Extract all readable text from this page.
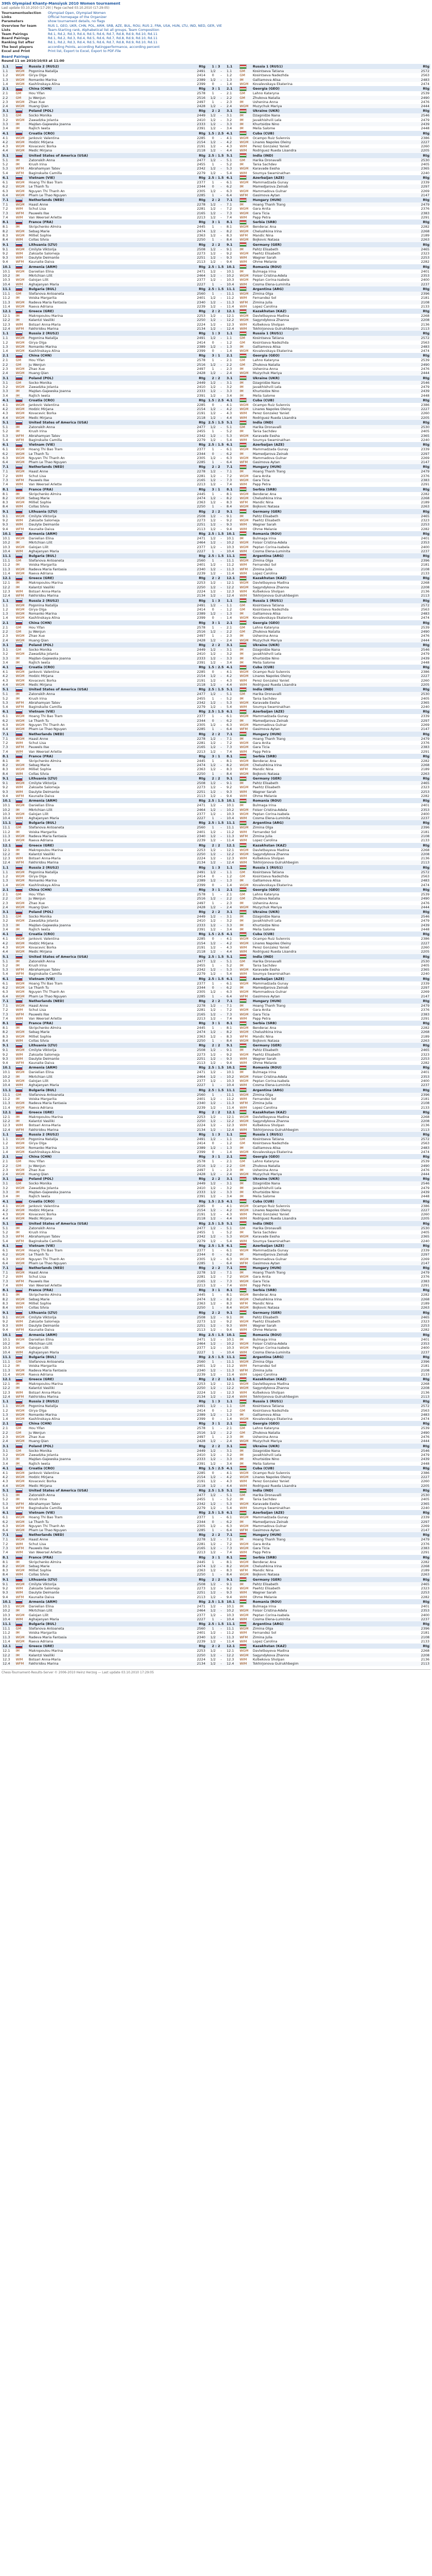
39th Olympiad Khanty-Mansiysk 2010 Women tournament
Last update 03.10.2010 (17:29) | Page cached 03.10.2010 (17:29:05)
Tournamentselection	Olympiad Open, Olympiad Women
Links	Official homepage of the Organizer
Parameters	show tournament details, no flags
Overview for team	RUS 1, GEO, UKR, CHN, POL, ARM, SRB, AZE, BUL, ROU, RUS 2, FRA, USA, HUN, LTU, IND, NED, GER, VIE
Lists	Team-Starting rank, Alphabetical list all groups, Team Composition
Team Pairings	Rd.1, Rd.2, Rd.3, Rd.4, Rd.5, Rd.6, Rd.7, Rd.8, Rd.9, Rd.10, Rd.11
Board Pairings	Rd.1, Rd.2, Rd.3, Rd.4, Rd.5, Rd.6, Rd.7, Rd.8, Rd.9, Rd.10, Rd.11
Ranking list after	Rd.1, Rd.2, Rd.3, Rd.4, Rd.5, Rd.6, Rd.7, Rd.8, Rd.9, Rd.10, Rd.11
The best players	according Points, according Ratingperformance, according percent
Excel and Print	Print list, Export to Excel, Export to PDF-File
Board Pairings
Round 11 on 2010/10/03 at 11:00
1.1		Russia 2 (RUS2)	Rtg	1 : 3		1.1		Russia 1 (RUS1)	Rtg
1.1	WGM	Pogonina Natalija	2491	1/2	-	1.1	GM	Kosintseva Tatiana	2572
1.2	WGM	Girya Olga	2414	0	-	1.2	GM	Kosintseva Nadezhda	2563
1.3	WGM	Romanko Marina	2389	1/2	-	1.3	IM	Galliamova Alisa	2483
1.4	WGM	Kashlinskaya Alina	2399	0	-	1.4	WGM	Kovalevskaya Ekaterina	2474
2.1		China (CHN)	Rtg	3 : 1		2.1		Georgia (GEO)	Rtg
2.1	GM	Hou Yifan	2578	1	-	2.1	GM	Lahno Kateryna	2539
2.2	GM	Ju Wenjun	2516	1/2	-	2.2	GM	Zhukova Natalia	2490
2.3	WGM	Zhao Xue	2497	1	-	2.3	IM	Ushenina Anna	2476
2.4	WGM	Huang Qian	2428	1/2	-	2.4	WGM	Muzychuk Mariya	2444
3.1		Poland (POL)	Rtg	2 : 2		3.1		Ukraine (UKR)	Rtg
3.1	GM	Socko Monika	2449	1/2	-	3.1	IM	Dzagnidze Nana	2546
3.2	WGM	Zawadzka Jolanta	2410	1/2	-	3.2	IM	Javakhishvili Lela	2479
3.3	IM	Majdan-Gajewska Joanna	2333	1/2	-	3.3	IM	Khurtsidze Nino	2439
3.4	IM	Rajlich Iweta	2391	1/2	-	3.4	IM	Melia Salome	2448
4.1		Croatia (CRO)	Rtg	1.5 : 2.5		4.1		Cuba (CUB)	Rtg
4.1	WGM	Jankovic Valentina	2285	0	-	4.1	WGM	Ocampo Ruiz Sulennis	2386
4.2	WGM	Hodzic Mirjana	2154	1/2	-	4.2	WGM	Linares Napoles Oleiny	2227
4.3	WGM	Kovacevic Borka	2191	1/2	-	4.3	WIM	Perez Gonzalez Yaniet	2260
4.4	WGM	Medic Mirjana	2118	1/2	-	4.4	WIM	Rodriguez Rueda Lisandra	2205
5.1		United States of America (USA)	Rtg	2.5 : 1.5		5.1		India (IND)	Rtg
5.1	IM	Zatonskih Anna	2477	1/2	-	5.1	GM	Harika Dronavalli	2530
5.2	IM	Krush Irina	2455	1	-	5.2	IM	Tania Sachdev	2405
5.3	WFM	Abrahamyan Tatev	2342	1/2	-	5.3	WGM	Karavade Eesha	2365
5.4	WFM	Baginskaite Camilla	2279	1/2	-	5.4	WIM	Soumya Swaminathan	2240
6.1		Vietnam (VIE)	Rtg	2.5 : 1.5		6.1		Azerbaijan (AZE)	Rtg
6.1	WGM	Hoang Thi Bao Tram	2377	1	-	6.1	WGM	Mammadzada Gunay	2339
6.2	WGM	Le Thanh Tu	2344	0	-	6.2	IM	Mamedjarova Zeinab	2297
6.3	WGM	Nguyen Thi Thanh An	2305	1/2	-	6.3	WGM	Mammadova Gulnar	2269
6.4	WGM	Pham Le Thao Nguyen	2285	1	-	6.4	WFM	Gasimova Aytan	2147
7.1		Netherlands (NED)	Rtg	2 : 2		7.1		Hungary (HUN)	Rtg
7.1	WGM	Haast Anne	2278	1/2	-	7.1	IM	Hoang Thanh Trang	2479
7.2	WIM	Schut Lisa	2281	1/2	-	7.2	WGM	Gara Anita	2376
7.3	WFM	Pauwels Ilse	2165	1/2	-	7.3	WGM	Gara Ticia	2383
7.4	WIM	Van Weersel Arlette	2213	1/2	-	7.4	WIM	Papp Petra	2291
8.1		France (FRA)	Rtg	3 : 1		8.1		Serbia (SRB)	Rtg
8.1	IM	Skripchenko Almira	2445	1	-	8.1	WGM	Benderac Ana	2282
8.2	WGM	Sebag Marie	2474	1/2	-	8.2	WGM	Chelushkina Irina	2268
8.3	WGM	Milliet Sophie	2363	1/2	-	8.3	WFM	Mandic Nina	2189
8.4	WIM	Collas Silvia	2250	1	-	8.4	WGM	Bojkovic Natasa	2263
9.1		Lithuania (LTU)	Rtg	2 : 2		9.1		Germany (GER)	Rtg
9.1	WGM	Cmilyte Viktorija	2508	1/2	-	9.1	IM	Pahtz Elisabeth	2465
9.2	WIM	Zaksaite Salomeja	2273	1/2	-	9.2	WGM	Paehtz Elisabeth	2323
9.3	WIM	Daulyte Deimante	2251	1/2	-	9.3	WIM	Wagner Sarah	2253
9.4	WFM	Kaunaite Daiva	2113	1/2	-	9.4	WIM	Ohme Melanie	2282
10.1		Armenia (ARM)	Rtg	2.5 : 1.5		10.1		Romania (ROU)	Rtg
10.1	WGM	Danielian Elina	2471	1/2	-	10.1	IM	Bulmaga Irina	2401
10.2	IM	Mkrtchian Lilit	2464	1/2	-	10.2	WGM	Foisor Cristina-Adela	2353
10.3	WGM	Galojan Lilit	2377	1/2	-	10.3	WGM	Peptan Corina-Isabela	2400
10.4	WIM	Aghajanyan Maria	2227	1	-	10.4	WIM	Cosma Elena-Luminita	2237
11.1		Bulgaria (BUL)	Rtg	2.5 : 1.5		11.1		Argentina (ARG)	Rtg
11.1	GM	Stefanova Antoaneta	2560	1	-	11.1	WGM	Zimina Olga	2396
11.2	IM	Voiska Margarita	2401	1/2	-	11.2	WIM	Fernandez Sol	2181
11.3	WGM	Radeva Maria Fantasia	2340	1/2	-	11.3	WFM	Zimina Julia	2108
11.4	WGM	Raeva Adriana	2239	1/2	-	11.4	WIM	Lopez Carolina	2133
12.1		Greece (GRE)	Rtg	2 : 2		12.1		Kazakhstan (KAZ)	Rtg
12.1	IM	Makropoulou Marina	2253	1/2	-	12.1	WGM	Davletbayeva Madina	2268
12.2	IM	Kalantzi Vasiliki	2250	1/2	-	12.2	WGM	Sagyndykova Zhanna	2208
12.3	WIM	Botsari Anna-Maria	2224	1/2	-	12.3	WIM	Kulbekova Sholpan	2136
12.4	WFM	Fakhiridou Marina	2134	1/2	-	12.4	WIM	Tokhirjonova Gulrukhbegim	2113
1.1		Russia 2 (RUS2)	Rtg	1 : 3		1.1		Russia 1 (RUS1)	Rtg
1.1	WGM	Pogonina Natalija	2491	1/2	-	1.1	GM	Kosintseva Tatiana	2572
1.2	WGM	Girya Olga	2414	0	-	1.2	GM	Kosintseva Nadezhda	2563
1.3	WGM	Romanko Marina	2389	1/2	-	1.3	IM	Galliamova Alisa	2483
1.4	WGM	Kashlinskaya Alina	2399	0	-	1.4	WGM	Kovalevskaya Ekaterina	2474
2.1		China (CHN)	Rtg	3 : 1		2.1		Georgia (GEO)	Rtg
2.1	GM	Hou Yifan	2578	1	-	2.1	GM	Lahno Kateryna	2539
2.2	GM	Ju Wenjun	2516	1/2	-	2.2	GM	Zhukova Natalia	2490
2.3	WGM	Zhao Xue	2497	1	-	2.3	IM	Ushenina Anna	2476
2.4	WGM	Huang Qian	2428	1/2	-	2.4	WGM	Muzychuk Mariya	2444
3.1		Poland (POL)	Rtg	2 : 2		3.1		Ukraine (UKR)	Rtg
3.1	GM	Socko Monika	2449	1/2	-	3.1	IM	Dzagnidze Nana	2546
3.2	WGM	Zawadzka Jolanta	2410	1/2	-	3.2	IM	Javakhishvili Lela	2479
3.3	IM	Majdan-Gajewska Joanna	2333	1/2	-	3.3	IM	Khurtsidze Nino	2439
3.4	IM	Rajlich Iweta	2391	1/2	-	3.4	IM	Melia Salome	2448
4.1		Croatia (CRO)	Rtg	1.5 : 2.5		4.1		Cuba (CUB)	Rtg
4.1	WGM	Jankovic Valentina	2285	0	-	4.1	WGM	Ocampo Ruiz Sulennis	2386
4.2	WGM	Hodzic Mirjana	2154	1/2	-	4.2	WGM	Linares Napoles Oleiny	2227
4.3	WGM	Kovacevic Borka	2191	1/2	-	4.3	WIM	Perez Gonzalez Yaniet	2260
4.4	WGM	Medic Mirjana	2118	1/2	-	4.4	WIM	Rodriguez Rueda Lisandra	2205
5.1		United States of America (USA)	Rtg	2.5 : 1.5		5.1		India (IND)	Rtg
5.1	IM	Zatonskih Anna	2477	1/2	-	5.1	GM	Harika Dronavalli	2530
5.2	IM	Krush Irina	2455	1	-	5.2	IM	Tania Sachdev	2405
5.3	WFM	Abrahamyan Tatev	2342	1/2	-	5.3	WGM	Karavade Eesha	2365
5.4	WFM	Baginskaite Camilla	2279	1/2	-	5.4	WIM	Soumya Swaminathan	2240
6.1		Vietnam (VIE)	Rtg	2.5 : 1.5		6.1		Azerbaijan (AZE)	Rtg
6.1	WGM	Hoang Thi Bao Tram	2377	1	-	6.1	WGM	Mammadzada Gunay	2339
6.2	WGM	Le Thanh Tu	2344	0	-	6.2	IM	Mamedjarova Zeinab	2297
6.3	WGM	Nguyen Thi Thanh An	2305	1/2	-	6.3	WGM	Mammadova Gulnar	2269
6.4	WGM	Pham Le Thao Nguyen	2285	1	-	6.4	WFM	Gasimova Aytan	2147
7.1		Netherlands (NED)	Rtg	2 : 2		7.1		Hungary (HUN)	Rtg
7.1	WGM	Haast Anne	2278	1/2	-	7.1	IM	Hoang Thanh Trang	2479
7.2	WIM	Schut Lisa	2281	1/2	-	7.2	WGM	Gara Anita	2376
7.3	WFM	Pauwels Ilse	2165	1/2	-	7.3	WGM	Gara Ticia	2383
7.4	WIM	Van Weersel Arlette	2213	1/2	-	7.4	WIM	Papp Petra	2291
8.1		France (FRA)	Rtg	3 : 1		8.1		Serbia (SRB)	Rtg
8.1	IM	Skripchenko Almira	2445	1	-	8.1	WGM	Benderac Ana	2282
8.2	WGM	Sebag Marie	2474	1/2	-	8.2	WGM	Chelushkina Irina	2268
8.3	WGM	Milliet Sophie	2363	1/2	-	8.3	WFM	Mandic Nina	2189
8.4	WIM	Collas Silvia	2250	1	-	8.4	WGM	Bojkovic Natasa	2263
9.1		Lithuania (LTU)	Rtg	2 : 2		9.1		Germany (GER)	Rtg
9.1	WGM	Cmilyte Viktorija	2508	1/2	-	9.1	IM	Pahtz Elisabeth	2465
9.2	WIM	Zaksaite Salomeja	2273	1/2	-	9.2	WGM	Paehtz Elisabeth	2323
9.3	WIM	Daulyte Deimante	2251	1/2	-	9.3	WIM	Wagner Sarah	2253
9.4	WFM	Kaunaite Daiva	2113	1/2	-	9.4	WIM	Ohme Melanie	2282
10.1		Armenia (ARM)	Rtg	2.5 : 1.5		10.1		Romania (ROU)	Rtg
10.1	WGM	Danielian Elina	2471	1/2	-	10.1	IM	Bulmaga Irina	2401
10.2	IM	Mkrtchian Lilit	2464	1/2	-	10.2	WGM	Foisor Cristina-Adela	2353
10.3	WGM	Galojan Lilit	2377	1/2	-	10.3	WGM	Peptan Corina-Isabela	2400
10.4	WIM	Aghajanyan Maria	2227	1	-	10.4	WIM	Cosma Elena-Luminita	2237
11.1		Bulgaria (BUL)	Rtg	2.5 : 1.5		11.1		Argentina (ARG)	Rtg
11.1	GM	Stefanova Antoaneta	2560	1	-	11.1	WGM	Zimina Olga	2396
11.2	IM	Voiska Margarita	2401	1/2	-	11.2	WIM	Fernandez Sol	2181
11.3	WGM	Radeva Maria Fantasia	2340	1/2	-	11.3	WFM	Zimina Julia	2108
11.4	WGM	Raeva Adriana	2239	1/2	-	11.4	WIM	Lopez Carolina	2133
12.1		Greece (GRE)	Rtg	2 : 2		12.1		Kazakhstan (KAZ)	Rtg
12.1	IM	Makropoulou Marina	2253	1/2	-	12.1	WGM	Davletbayeva Madina	2268
12.2	IM	Kalantzi Vasiliki	2250	1/2	-	12.2	WGM	Sagyndykova Zhanna	2208
12.3	WIM	Botsari Anna-Maria	2224	1/2	-	12.3	WIM	Kulbekova Sholpan	2136
12.4	WFM	Fakhiridou Marina	2134	1/2	-	12.4	WIM	Tokhirjonova Gulrukhbegim	2113
1.1		Russia 2 (RUS2)	Rtg	1 : 3		1.1		Russia 1 (RUS1)	Rtg
1.1	WGM	Pogonina Natalija	2491	1/2	-	1.1	GM	Kosintseva Tatiana	2572
1.2	WGM	Girya Olga	2414	0	-	1.2	GM	Kosintseva Nadezhda	2563
1.3	WGM	Romanko Marina	2389	1/2	-	1.3	IM	Galliamova Alisa	2483
1.4	WGM	Kashlinskaya Alina	2399	0	-	1.4	WGM	Kovalevskaya Ekaterina	2474
2.1		China (CHN)	Rtg	3 : 1		2.1		Georgia (GEO)	Rtg
2.1	GM	Hou Yifan	2578	1	-	2.1	GM	Lahno Kateryna	2539
2.2	GM	Ju Wenjun	2516	1/2	-	2.2	GM	Zhukova Natalia	2490
2.3	WGM	Zhao Xue	2497	1	-	2.3	IM	Ushenina Anna	2476
2.4	WGM	Huang Qian	2428	1/2	-	2.4	WGM	Muzychuk Mariya	2444
3.1		Poland (POL)	Rtg	2 : 2		3.1		Ukraine (UKR)	Rtg
3.1	GM	Socko Monika	2449	1/2	-	3.1	IM	Dzagnidze Nana	2546
3.2	WGM	Zawadzka Jolanta	2410	1/2	-	3.2	IM	Javakhishvili Lela	2479
3.3	IM	Majdan-Gajewska Joanna	2333	1/2	-	3.3	IM	Khurtsidze Nino	2439
3.4	IM	Rajlich Iweta	2391	1/2	-	3.4	IM	Melia Salome	2448
4.1		Croatia (CRO)	Rtg	1.5 : 2.5		4.1		Cuba (CUB)	Rtg
4.1	WGM	Jankovic Valentina	2285	0	-	4.1	WGM	Ocampo Ruiz Sulennis	2386
4.2	WGM	Hodzic Mirjana	2154	1/2	-	4.2	WGM	Linares Napoles Oleiny	2227
4.3	WGM	Kovacevic Borka	2191	1/2	-	4.3	WIM	Perez Gonzalez Yaniet	2260
4.4	WGM	Medic Mirjana	2118	1/2	-	4.4	WIM	Rodriguez Rueda Lisandra	2205
5.1		United States of America (USA)	Rtg	2.5 : 1.5		5.1		India (IND)	Rtg
5.1	IM	Zatonskih Anna	2477	1/2	-	5.1	GM	Harika Dronavalli	2530
5.2	IM	Krush Irina	2455	1	-	5.2	IM	Tania Sachdev	2405
5.3	WFM	Abrahamyan Tatev	2342	1/2	-	5.3	WGM	Karavade Eesha	2365
5.4	WFM	Baginskaite Camilla	2279	1/2	-	5.4	WIM	Soumya Swaminathan	2240
6.1		Vietnam (VIE)	Rtg	2.5 : 1.5		6.1		Azerbaijan (AZE)	Rtg
6.1	WGM	Hoang Thi Bao Tram	2377	1	-	6.1	WGM	Mammadzada Gunay	2339
6.2	WGM	Le Thanh Tu	2344	0	-	6.2	IM	Mamedjarova Zeinab	2297
6.3	WGM	Nguyen Thi Thanh An	2305	1/2	-	6.3	WGM	Mammadova Gulnar	2269
6.4	WGM	Pham Le Thao Nguyen	2285	1	-	6.4	WFM	Gasimova Aytan	2147
7.1		Netherlands (NED)	Rtg	2 : 2		7.1		Hungary (HUN)	Rtg
7.1	WGM	Haast Anne	2278	1/2	-	7.1	IM	Hoang Thanh Trang	2479
7.2	WIM	Schut Lisa	2281	1/2	-	7.2	WGM	Gara Anita	2376
7.3	WFM	Pauwels Ilse	2165	1/2	-	7.3	WGM	Gara Ticia	2383
7.4	WIM	Van Weersel Arlette	2213	1/2	-	7.4	WIM	Papp Petra	2291
8.1		France (FRA)	Rtg	3 : 1		8.1		Serbia (SRB)	Rtg
8.1	IM	Skripchenko Almira	2445	1	-	8.1	WGM	Benderac Ana	2282
8.2	WGM	Sebag Marie	2474	1/2	-	8.2	WGM	Chelushkina Irina	2268
8.3	WGM	Milliet Sophie	2363	1/2	-	8.3	WFM	Mandic Nina	2189
8.4	WIM	Collas Silvia	2250	1	-	8.4	WGM	Bojkovic Natasa	2263
9.1		Lithuania (LTU)	Rtg	2 : 2		9.1		Germany (GER)	Rtg
9.1	WGM	Cmilyte Viktorija	2508	1/2	-	9.1	IM	Pahtz Elisabeth	2465
9.2	WIM	Zaksaite Salomeja	2273	1/2	-	9.2	WGM	Paehtz Elisabeth	2323
9.3	WIM	Daulyte Deimante	2251	1/2	-	9.3	WIM	Wagner Sarah	2253
9.4	WFM	Kaunaite Daiva	2113	1/2	-	9.4	WIM	Ohme Melanie	2282
10.1		Armenia (ARM)	Rtg	2.5 : 1.5		10.1		Romania (ROU)	Rtg
10.1	WGM	Danielian Elina	2471	1/2	-	10.1	IM	Bulmaga Irina	2401
10.2	IM	Mkrtchian Lilit	2464	1/2	-	10.2	WGM	Foisor Cristina-Adela	2353
10.3	WGM	Galojan Lilit	2377	1/2	-	10.3	WGM	Peptan Corina-Isabela	2400
10.4	WIM	Aghajanyan Maria	2227	1	-	10.4	WIM	Cosma Elena-Luminita	2237
11.1		Bulgaria (BUL)	Rtg	2.5 : 1.5		11.1		Argentina (ARG)	Rtg
11.1	GM	Stefanova Antoaneta	2560	1	-	11.1	WGM	Zimina Olga	2396
11.2	IM	Voiska Margarita	2401	1/2	-	11.2	WIM	Fernandez Sol	2181
11.3	WGM	Radeva Maria Fantasia	2340	1/2	-	11.3	WFM	Zimina Julia	2108
11.4	WGM	Raeva Adriana	2239	1/2	-	11.4	WIM	Lopez Carolina	2133
12.1		Greece (GRE)	Rtg	2 : 2		12.1		Kazakhstan (KAZ)	Rtg
12.1	IM	Makropoulou Marina	2253	1/2	-	12.1	WGM	Davletbayeva Madina	2268
12.2	IM	Kalantzi Vasiliki	2250	1/2	-	12.2	WGM	Sagyndykova Zhanna	2208
12.3	WIM	Botsari Anna-Maria	2224	1/2	-	12.3	WIM	Kulbekova Sholpan	2136
12.4	WFM	Fakhiridou Marina	2134	1/2	-	12.4	WIM	Tokhirjonova Gulrukhbegim	2113
1.1		Russia 2 (RUS2)	Rtg	1 : 3		1.1		Russia 1 (RUS1)	Rtg
1.1	WGM	Pogonina Natalija	2491	1/2	-	1.1	GM	Kosintseva Tatiana	2572
1.2	WGM	Girya Olga	2414	0	-	1.2	GM	Kosintseva Nadezhda	2563
1.3	WGM	Romanko Marina	2389	1/2	-	1.3	IM	Galliamova Alisa	2483
1.4	WGM	Kashlinskaya Alina	2399	0	-	1.4	WGM	Kovalevskaya Ekaterina	2474
2.1		China (CHN)	Rtg	3 : 1		2.1		Georgia (GEO)	Rtg
2.1	GM	Hou Yifan	2578	1	-	2.1	GM	Lahno Kateryna	2539
2.2	GM	Ju Wenjun	2516	1/2	-	2.2	GM	Zhukova Natalia	2490
2.3	WGM	Zhao Xue	2497	1	-	2.3	IM	Ushenina Anna	2476
2.4	WGM	Huang Qian	2428	1/2	-	2.4	WGM	Muzychuk Mariya	2444
3.1		Poland (POL)	Rtg	2 : 2		3.1		Ukraine (UKR)	Rtg
3.1	GM	Socko Monika	2449	1/2	-	3.1	IM	Dzagnidze Nana	2546
3.2	WGM	Zawadzka Jolanta	2410	1/2	-	3.2	IM	Javakhishvili Lela	2479
3.3	IM	Majdan-Gajewska Joanna	2333	1/2	-	3.3	IM	Khurtsidze Nino	2439
3.4	IM	Rajlich Iweta	2391	1/2	-	3.4	IM	Melia Salome	2448
4.1		Croatia (CRO)	Rtg	1.5 : 2.5		4.1		Cuba (CUB)	Rtg
4.1	WGM	Jankovic Valentina	2285	0	-	4.1	WGM	Ocampo Ruiz Sulennis	2386
4.2	WGM	Hodzic Mirjana	2154	1/2	-	4.2	WGM	Linares Napoles Oleiny	2227
4.3	WGM	Kovacevic Borka	2191	1/2	-	4.3	WIM	Perez Gonzalez Yaniet	2260
4.4	WGM	Medic Mirjana	2118	1/2	-	4.4	WIM	Rodriguez Rueda Lisandra	2205
5.1		United States of America (USA)	Rtg	2.5 : 1.5		5.1		India (IND)	Rtg
5.1	IM	Zatonskih Anna	2477	1/2	-	5.1	GM	Harika Dronavalli	2530
5.2	IM	Krush Irina	2455	1	-	5.2	IM	Tania Sachdev	2405
5.3	WFM	Abrahamyan Tatev	2342	1/2	-	5.3	WGM	Karavade Eesha	2365
5.4	WFM	Baginskaite Camilla	2279	1/2	-	5.4	WIM	Soumya Swaminathan	2240
6.1		Vietnam (VIE)	Rtg	2.5 : 1.5		6.1		Azerbaijan (AZE)	Rtg
6.1	WGM	Hoang Thi Bao Tram	2377	1	-	6.1	WGM	Mammadzada Gunay	2339
6.2	WGM	Le Thanh Tu	2344	0	-	6.2	IM	Mamedjarova Zeinab	2297
6.3	WGM	Nguyen Thi Thanh An	2305	1/2	-	6.3	WGM	Mammadova Gulnar	2269
6.4	WGM	Pham Le Thao Nguyen	2285	1	-	6.4	WFM	Gasimova Aytan	2147
7.1		Netherlands (NED)	Rtg	2 : 2		7.1		Hungary (HUN)	Rtg
7.1	WGM	Haast Anne	2278	1/2	-	7.1	IM	Hoang Thanh Trang	2479
7.2	WIM	Schut Lisa	2281	1/2	-	7.2	WGM	Gara Anita	2376
7.3	WFM	Pauwels Ilse	2165	1/2	-	7.3	WGM	Gara Ticia	2383
7.4	WIM	Van Weersel Arlette	2213	1/2	-	7.4	WIM	Papp Petra	2291
8.1		France (FRA)	Rtg	3 : 1		8.1		Serbia (SRB)	Rtg
8.1	IM	Skripchenko Almira	2445	1	-	8.1	WGM	Benderac Ana	2282
8.2	WGM	Sebag Marie	2474	1/2	-	8.2	WGM	Chelushkina Irina	2268
8.3	WGM	Milliet Sophie	2363	1/2	-	8.3	WFM	Mandic Nina	2189
8.4	WIM	Collas Silvia	2250	1	-	8.4	WGM	Bojkovic Natasa	2263
9.1		Lithuania (LTU)	Rtg	2 : 2		9.1		Germany (GER)	Rtg
9.1	WGM	Cmilyte Viktorija	2508	1/2	-	9.1	IM	Pahtz Elisabeth	2465
9.2	WIM	Zaksaite Salomeja	2273	1/2	-	9.2	WGM	Paehtz Elisabeth	2323
9.3	WIM	Daulyte Deimante	2251	1/2	-	9.3	WIM	Wagner Sarah	2253
9.4	WFM	Kaunaite Daiva	2113	1/2	-	9.4	WIM	Ohme Melanie	2282
10.1		Armenia (ARM)	Rtg	2.5 : 1.5		10.1		Romania (ROU)	Rtg
10.1	WGM	Danielian Elina	2471	1/2	-	10.1	IM	Bulmaga Irina	2401
10.2	IM	Mkrtchian Lilit	2464	1/2	-	10.2	WGM	Foisor Cristina-Adela	2353
10.3	WGM	Galojan Lilit	2377	1/2	-	10.3	WGM	Peptan Corina-Isabela	2400
10.4	WIM	Aghajanyan Maria	2227	1	-	10.4	WIM	Cosma Elena-Luminita	2237
11.1		Bulgaria (BUL)	Rtg	2.5 : 1.5		11.1		Argentina (ARG)	Rtg
11.1	GM	Stefanova Antoaneta	2560	1	-	11.1	WGM	Zimina Olga	2396
11.2	IM	Voiska Margarita	2401	1/2	-	11.2	WIM	Fernandez Sol	2181
11.3	WGM	Radeva Maria Fantasia	2340	1/2	-	11.3	WFM	Zimina Julia	2108
11.4	WGM	Raeva Adriana	2239	1/2	-	11.4	WIM	Lopez Carolina	2133
12.1		Greece (GRE)	Rtg	2 : 2		12.1		Kazakhstan (KAZ)	Rtg
12.1	IM	Makropoulou Marina	2253	1/2	-	12.1	WGM	Davletbayeva Madina	2268
12.2	IM	Kalantzi Vasiliki	2250	1/2	-	12.2	WGM	Sagyndykova Zhanna	2208
12.3	WIM	Botsari Anna-Maria	2224	1/2	-	12.3	WIM	Kulbekova Sholpan	2136
12.4	WFM	Fakhiridou Marina	2134	1/2	-	12.4	WIM	Tokhirjonova Gulrukhbegim	2113
1.1		Russia 2 (RUS2)	Rtg	1 : 3		1.1		Russia 1 (RUS1)	Rtg
1.1	WGM	Pogonina Natalija	2491	1/2	-	1.1	GM	Kosintseva Tatiana	2572
1.2	WGM	Girya Olga	2414	0	-	1.2	GM	Kosintseva Nadezhda	2563
1.3	WGM	Romanko Marina	2389	1/2	-	1.3	IM	Galliamova Alisa	2483
1.4	WGM	Kashlinskaya Alina	2399	0	-	1.4	WGM	Kovalevskaya Ekaterina	2474
2.1		China (CHN)	Rtg	3 : 1		2.1		Georgia (GEO)	Rtg
2.1	GM	Hou Yifan	2578	1	-	2.1	GM	Lahno Kateryna	2539
2.2	GM	Ju Wenjun	2516	1/2	-	2.2	GM	Zhukova Natalia	2490
2.3	WGM	Zhao Xue	2497	1	-	2.3	IM	Ushenina Anna	2476
2.4	WGM	Huang Qian	2428	1/2	-	2.4	WGM	Muzychuk Mariya	2444
3.1		Poland (POL)	Rtg	2 : 2		3.1		Ukraine (UKR)	Rtg
3.1	GM	Socko Monika	2449	1/2	-	3.1	IM	Dzagnidze Nana	2546
3.2	WGM	Zawadzka Jolanta	2410	1/2	-	3.2	IM	Javakhishvili Lela	2479
3.3	IM	Majdan-Gajewska Joanna	2333	1/2	-	3.3	IM	Khurtsidze Nino	2439
3.4	IM	Rajlich Iweta	2391	1/2	-	3.4	IM	Melia Salome	2448
4.1		Croatia (CRO)	Rtg	1.5 : 2.5		4.1		Cuba (CUB)	Rtg
4.1	WGM	Jankovic Valentina	2285	0	-	4.1	WGM	Ocampo Ruiz Sulennis	2386
4.2	WGM	Hodzic Mirjana	2154	1/2	-	4.2	WGM	Linares Napoles Oleiny	2227
4.3	WGM	Kovacevic Borka	2191	1/2	-	4.3	WIM	Perez Gonzalez Yaniet	2260
4.4	WGM	Medic Mirjana	2118	1/2	-	4.4	WIM	Rodriguez Rueda Lisandra	2205
5.1		United States of America (USA)	Rtg	2.5 : 1.5		5.1		India (IND)	Rtg
5.1	IM	Zatonskih Anna	2477	1/2	-	5.1	GM	Harika Dronavalli	2530
5.2	IM	Krush Irina	2455	1	-	5.2	IM	Tania Sachdev	2405
5.3	WFM	Abrahamyan Tatev	2342	1/2	-	5.3	WGM	Karavade Eesha	2365
5.4	WFM	Baginskaite Camilla	2279	1/2	-	5.4	WIM	Soumya Swaminathan	2240
6.1		Vietnam (VIE)	Rtg	2.5 : 1.5		6.1		Azerbaijan (AZE)	Rtg
6.1	WGM	Hoang Thi Bao Tram	2377	1	-	6.1	WGM	Mammadzada Gunay	2339
6.2	WGM	Le Thanh Tu	2344	0	-	6.2	IM	Mamedjarova Zeinab	2297
6.3	WGM	Nguyen Thi Thanh An	2305	1/2	-	6.3	WGM	Mammadova Gulnar	2269
6.4	WGM	Pham Le Thao Nguyen	2285	1	-	6.4	WFM	Gasimova Aytan	2147
7.1		Netherlands (NED)	Rtg	2 : 2		7.1		Hungary (HUN)	Rtg
7.1	WGM	Haast Anne	2278	1/2	-	7.1	IM	Hoang Thanh Trang	2479
7.2	WIM	Schut Lisa	2281	1/2	-	7.2	WGM	Gara Anita	2376
7.3	WFM	Pauwels Ilse	2165	1/2	-	7.3	WGM	Gara Ticia	2383
7.4	WIM	Van Weersel Arlette	2213	1/2	-	7.4	WIM	Papp Petra	2291
8.1		France (FRA)	Rtg	3 : 1		8.1		Serbia (SRB)	Rtg
8.1	IM	Skripchenko Almira	2445	1	-	8.1	WGM	Benderac Ana	2282
8.2	WGM	Sebag Marie	2474	1/2	-	8.2	WGM	Chelushkina Irina	2268
8.3	WGM	Milliet Sophie	2363	1/2	-	8.3	WFM	Mandic Nina	2189
8.4	WIM	Collas Silvia	2250	1	-	8.4	WGM	Bojkovic Natasa	2263
9.1		Lithuania (LTU)	Rtg	2 : 2		9.1		Germany (GER)	Rtg
9.1	WGM	Cmilyte Viktorija	2508	1/2	-	9.1	IM	Pahtz Elisabeth	2465
9.2	WIM	Zaksaite Salomeja	2273	1/2	-	9.2	WGM	Paehtz Elisabeth	2323
9.3	WIM	Daulyte Deimante	2251	1/2	-	9.3	WIM	Wagner Sarah	2253
9.4	WFM	Kaunaite Daiva	2113	1/2	-	9.4	WIM	Ohme Melanie	2282
10.1		Armenia (ARM)	Rtg	2.5 : 1.5		10.1		Romania (ROU)	Rtg
10.1	WGM	Danielian Elina	2471	1/2	-	10.1	IM	Bulmaga Irina	2401
10.2	IM	Mkrtchian Lilit	2464	1/2	-	10.2	WGM	Foisor Cristina-Adela	2353
10.3	WGM	Galojan Lilit	2377	1/2	-	10.3	WGM	Peptan Corina-Isabela	2400
10.4	WIM	Aghajanyan Maria	2227	1	-	10.4	WIM	Cosma Elena-Luminita	2237
11.1		Bulgaria (BUL)	Rtg	2.5 : 1.5		11.1		Argentina (ARG)	Rtg
11.1	GM	Stefanova Antoaneta	2560	1	-	11.1	WGM	Zimina Olga	2396
11.2	IM	Voiska Margarita	2401	1/2	-	11.2	WIM	Fernandez Sol	2181
11.3	WGM	Radeva Maria Fantasia	2340	1/2	-	11.3	WFM	Zimina Julia	2108
11.4	WGM	Raeva Adriana	2239	1/2	-	11.4	WIM	Lopez Carolina	2133
12.1		Greece (GRE)	Rtg	2 : 2		12.1		Kazakhstan (KAZ)	Rtg
12.1	IM	Makropoulou Marina	2253	1/2	-	12.1	WGM	Davletbayeva Madina	2268
12.2	IM	Kalantzi Vasiliki	2250	1/2	-	12.2	WGM	Sagyndykova Zhanna	2208
12.3	WIM	Botsari Anna-Maria	2224	1/2	-	12.3	WIM	Kulbekova Sholpan	2136
12.4	WFM	Fakhiridou Marina	2134	1/2	-	12.4	WIM	Tokhirjonova Gulrukhbegim	2113
1.1		Russia 2 (RUS2)	Rtg	1 : 3		1.1		Russia 1 (RUS1)	Rtg
1.1	WGM	Pogonina Natalija	2491	1/2	-	1.1	GM	Kosintseva Tatiana	2572
1.2	WGM	Girya Olga	2414	0	-	1.2	GM	Kosintseva Nadezhda	2563
1.3	WGM	Romanko Marina	2389	1/2	-	1.3	IM	Galliamova Alisa	2483
1.4	WGM	Kashlinskaya Alina	2399	0	-	1.4	WGM	Kovalevskaya Ekaterina	2474
2.1		China (CHN)	Rtg	3 : 1		2.1		Georgia (GEO)	Rtg
2.1	GM	Hou Yifan	2578	1	-	2.1	GM	Lahno Kateryna	2539
2.2	GM	Ju Wenjun	2516	1/2	-	2.2	GM	Zhukova Natalia	2490
2.3	WGM	Zhao Xue	2497	1	-	2.3	IM	Ushenina Anna	2476
2.4	WGM	Huang Qian	2428	1/2	-	2.4	WGM	Muzychuk Mariya	2444
3.1		Poland (POL)	Rtg	2 : 2		3.1		Ukraine (UKR)	Rtg
3.1	GM	Socko Monika	2449	1/2	-	3.1	IM	Dzagnidze Nana	2546
3.2	WGM	Zawadzka Jolanta	2410	1/2	-	3.2	IM	Javakhishvili Lela	2479
3.3	IM	Majdan-Gajewska Joanna	2333	1/2	-	3.3	IM	Khurtsidze Nino	2439
3.4	IM	Rajlich Iweta	2391	1/2	-	3.4	IM	Melia Salome	2448
4.1		Croatia (CRO)	Rtg	1.5 : 2.5		4.1		Cuba (CUB)	Rtg
4.1	WGM	Jankovic Valentina	2285	0	-	4.1	WGM	Ocampo Ruiz Sulennis	2386
4.2	WGM	Hodzic Mirjana	2154	1/2	-	4.2	WGM	Linares Napoles Oleiny	2227
4.3	WGM	Kovacevic Borka	2191	1/2	-	4.3	WIM	Perez Gonzalez Yaniet	2260
4.4	WGM	Medic Mirjana	2118	1/2	-	4.4	WIM	Rodriguez Rueda Lisandra	2205
5.1		United States of America (USA)	Rtg	2.5 : 1.5		5.1		India (IND)	Rtg
5.1	IM	Zatonskih Anna	2477	1/2	-	5.1	GM	Harika Dronavalli	2530
5.2	IM	Krush Irina	2455	1	-	5.2	IM	Tania Sachdev	2405
5.3	WFM	Abrahamyan Tatev	2342	1/2	-	5.3	WGM	Karavade Eesha	2365
5.4	WFM	Baginskaite Camilla	2279	1/2	-	5.4	WIM	Soumya Swaminathan	2240
6.1		Vietnam (VIE)	Rtg	2.5 : 1.5		6.1		Azerbaijan (AZE)	Rtg
6.1	WGM	Hoang Thi Bao Tram	2377	1	-	6.1	WGM	Mammadzada Gunay	2339
6.2	WGM	Le Thanh Tu	2344	0	-	6.2	IM	Mamedjarova Zeinab	2297
6.3	WGM	Nguyen Thi Thanh An	2305	1/2	-	6.3	WGM	Mammadova Gulnar	2269
6.4	WGM	Pham Le Thao Nguyen	2285	1	-	6.4	WFM	Gasimova Aytan	2147
7.1		Netherlands (NED)	Rtg	2 : 2		7.1		Hungary (HUN)	Rtg
7.1	WGM	Haast Anne	2278	1/2	-	7.1	IM	Hoang Thanh Trang	2479
7.2	WIM	Schut Lisa	2281	1/2	-	7.2	WGM	Gara Anita	2376
7.3	WFM	Pauwels Ilse	2165	1/2	-	7.3	WGM	Gara Ticia	2383
7.4	WIM	Van Weersel Arlette	2213	1/2	-	7.4	WIM	Papp Petra	2291
8.1		France (FRA)	Rtg	3 : 1		8.1		Serbia (SRB)	Rtg
8.1	IM	Skripchenko Almira	2445	1	-	8.1	WGM	Benderac Ana	2282
8.2	WGM	Sebag Marie	2474	1/2	-	8.2	WGM	Chelushkina Irina	2268
8.3	WGM	Milliet Sophie	2363	1/2	-	8.3	WFM	Mandic Nina	2189
8.4	WIM	Collas Silvia	2250	1	-	8.4	WGM	Bojkovic Natasa	2263
9.1		Lithuania (LTU)	Rtg	2 : 2		9.1		Germany (GER)	Rtg
9.1	WGM	Cmilyte Viktorija	2508	1/2	-	9.1	IM	Pahtz Elisabeth	2465
9.2	WIM	Zaksaite Salomeja	2273	1/2	-	9.2	WGM	Paehtz Elisabeth	2323
9.3	WIM	Daulyte Deimante	2251	1/2	-	9.3	WIM	Wagner Sarah	2253
9.4	WFM	Kaunaite Daiva	2113	1/2	-	9.4	WIM	Ohme Melanie	2282
10.1		Armenia (ARM)	Rtg	2.5 : 1.5		10.1		Romania (ROU)	Rtg
10.1	WGM	Danielian Elina	2471	1/2	-	10.1	IM	Bulmaga Irina	2401
10.2	IM	Mkrtchian Lilit	2464	1/2	-	10.2	WGM	Foisor Cristina-Adela	2353
10.3	WGM	Galojan Lilit	2377	1/2	-	10.3	WGM	Peptan Corina-Isabela	2400
10.4	WIM	Aghajanyan Maria	2227	1	-	10.4	WIM	Cosma Elena-Luminita	2237
11.1		Bulgaria (BUL)	Rtg	2.5 : 1.5		11.1		Argentina (ARG)	Rtg
11.1	GM	Stefanova Antoaneta	2560	1	-	11.1	WGM	Zimina Olga	2396
11.2	IM	Voiska Margarita	2401	1/2	-	11.2	WIM	Fernandez Sol	2181
11.3	WGM	Radeva Maria Fantasia	2340	1/2	-	11.3	WFM	Zimina Julia	2108
11.4	WGM	Raeva Adriana	2239	1/2	-	11.4	WIM	Lopez Carolina	2133
12.1		Greece (GRE)	Rtg	2 : 2		12.1		Kazakhstan (KAZ)	Rtg
12.1	IM	Makropoulou Marina	2253	1/2	-	12.1	WGM	Davletbayeva Madina	2268
12.2	IM	Kalantzi Vasiliki	2250	1/2	-	12.2	WGM	Sagyndykova Zhanna	2208
12.3	WIM	Botsari Anna-Maria	2224	1/2	-	12.3	WIM	Kulbekova Sholpan	2136
12.4	WFM	Fakhiridou Marina	2134	1/2	-	12.4	WIM	Tokhirjonova Gulrukhbegim	2113
Chess-Tournament-Results-Server © 2006-2010 Heinz Herzog — Last update 03.10.2010 17:29:05
